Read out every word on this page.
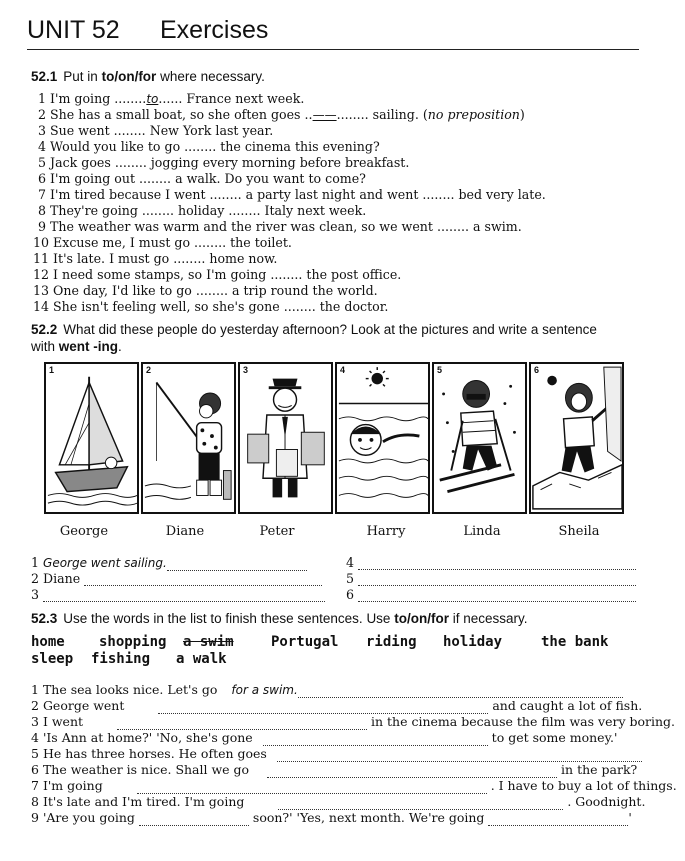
UNIT 52 Exercises
52.1 Put in to/on/for where necessary.
1 I'm going ........to...... France next week.
2 She has a small boat, so she often goes ..——........ sailing. (no preposition)
3 Sue went ........ New York last year.
4 Would you like to go ........ the cinema this evening?
5 Jack goes ........ jogging every morning before breakfast.
6 I'm going out ........ a walk. Do you want to come?
7 I'm tired because I went ........ a party last night and went ........ bed very late.
8 They're going ........ holiday ........ Italy next week.
9 The weather was warm and the river was clean, so we went ........ a swim.
10 Excuse me, I must go ........ the toilet.
11 It's late. I must go ........ home now.
12 I need some stamps, so I'm going ........ the post office.
13 One day, I'd like to go ........ a trip round the world.
14 She isn't feeling well, so she's gone ........ the doctor.
52.2 What did these people do yesterday afternoon? Look at the pictures and write a sentence
with went -ing.
1	2	3	4	5	6
George	Diane	Peter	Harry	Linda	Sheila
1 George went sailing.
2 Diane
3
4
5
6
52.3 Use the words in the list to finish these sentences. Use to/on/for if necessary.
home shopping a swim	Portugal riding holiday	the bank
sleep fishing a walk
1 The sea looks nice. Let's go for a swim.
2 George went	and caught a lot of fish.
3 I went	in the cinema because the film was very boring.
4 'Is Ann at home?' 'No, she's gone	to get some money.'
5 He has three horses. He often goes
6 The weather is nice. Shall we go	in the park?
7 I'm going	. I have to buy a lot of things.
8 It's late and I'm tired. I'm going	. Goodnight.
9 'Are you going	soon?' 'Yes, next month. We're going	'
